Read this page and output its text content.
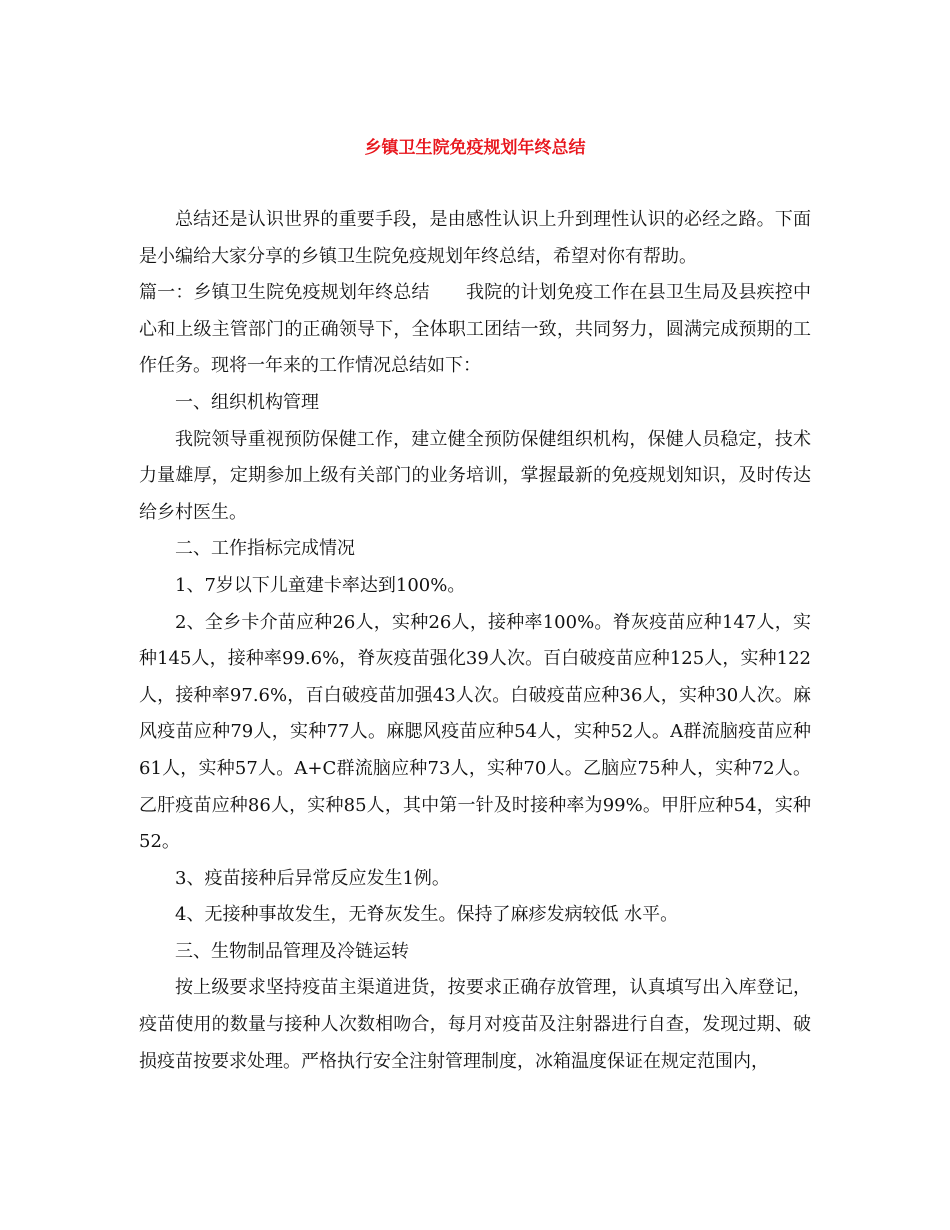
乡镇卫生院免疫规划年终总结

总结还是认识世界的重要手段，是由感性认识上升到理性认识的必经之路。下面是小编给大家分享的乡镇卫生院免疫规划年终总结，希望对你有帮助。

篇一：乡镇卫生院免疫规划年终总结　　我院的计划免疫工作在县卫生局及县疾控中心和上级主管部门的正确领导下，全体职工团结一致，共同努力，圆满完成预期的工作任务。现将一年来的工作情况总结如下：

一、组织机构管理

我院领导重视预防保健工作，建立健全预防保健组织机构，保健人员稳定，技术力量雄厚，定期参加上级有关部门的业务培训，掌握最新的免疫规划知识，及时传达给乡村医生。

二、工作指标完成情况

1、7岁以下儿童建卡率达到100%。

2、全乡卡介苗应种26人，实种26人，接种率100%。脊灰疫苗应种147人，实种145人，接种率99.6%，脊灰疫苗强化39人次。百白破疫苗应种125人，实种122人，接种率97.6%，百白破疫苗加强43人次。白破疫苗应种36人，实种30人次。麻风疫苗应种79人，实种77人。麻腮风疫苗应种54人，实种52人。A群流脑疫苗应种61人，实种57人。A+C群流脑应种73人，实种70人。乙脑应75种人，实种72人。乙肝疫苗应种86人，实种85人，其中第一针及时接种率为99%。甲肝应种54，实种52。

3、疫苗接种后异常反应发生1例。

4、无接种事故发生，无脊灰发生。保持了麻疹发病较低 水平。

三、生物制品管理及冷链运转

按上级要求坚持疫苗主渠道进货，按要求正确存放管理，认真填写出入库登记，疫苗使用的数量与接种人次数相吻合，每月对疫苗及注射器进行自查，发现过期、破损疫苗按要求处理。严格执行安全注射管理制度，冰箱温度保证在规定范围内，
